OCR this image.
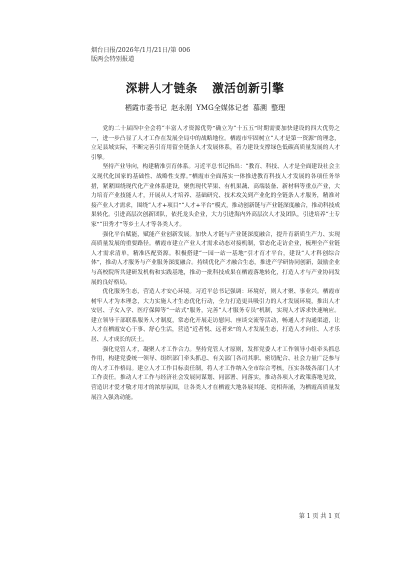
烟台日报/2026年/1月/21日/第 006
版两会特别报道
深耕人才链条 激活创新引擎
栖霞市委书记 赵永刚 YMG全媒体记者 慕溯 整理

党的二十届四中全会将“丰富人才资源优势”确立为“十五五”时期需要加快建设的四大优势之一，进一步凸显了人才工作在发展全局中的战略地位。栖霞市牢固树立“人才是第一资源”的理念，立足县域实际，不断完善引育用留全链条人才发展体系，着力建设支撑绿色低碳高质量发展的人才引擎。

坚持产业导向，构建精准引育体系。习近平总书记指出：“教育、科技、人才是全面建设社会主义现代化国家的基础性、战略性支撑。”栖霞市全面落实一体推进教育科技人才发展的各项任务举措，紧紧围绕现代化产业体系建设，聚焦现代苹果、有机果蔬、高端装备、新材料等重点产业，大力培育产业技能人才，开展从人才培养、基础研究、技术攻关到产业化的全链条人才服务，精准对接产业人才需求，围绕“人才+项目”“人才+平台”模式，推动创新链与产业链深度融合，推动科技成果转化。引进高层次创新团队，依托龙头企业，大力引进海内外高层次人才及团队，引进培养“土专家”“田秀才”等乡土人才等各类人才。

强化平台赋能，赋能产业创新发展。加快人才链与产业链深度融合，提升育新质生产力、实现高质量发展的重要路径。栖霞市建立产业人才需求动态对接机制，常态化走访企业，梳理全产业链人才需求清单，精准匹配资源。积极搭建“一园一站一基地”引才育才平台，建设“人才科创综合体”，推动人才服务与产业服务深度融合。持续优化产才融合生态，推进产学研协同创新，鼓励企业与高校院所共建研发机构和实践基地，推动一批科技成果在栖霞落地转化，打造人才与产业协同发展的良好格局。

优化服务生态，营造人才安心环境。习近平总书记强调：环境好，则人才聚、事业兴。栖霞市树牢人才为本理念，大力实施人才生态优化行动，全力打造更具吸引力的人才发展环境，推出人才安居、子女入学、医疗保障等“一站式”服务，完善“人才服务专员”机制，实现人才诉求快速响应。建立领导干部联系服务人才制度，常态化开展走访慰问、座谈交流等活动，畅通人才沟通渠道，让人才在栖霞安心干事、舒心生活，营造“近者悦、远者来”的人才发展生态，打造人才向往、人才乐居、人才成长的沃土。

强化党管人才，凝聚人才工作合力。坚持党管人才原则，发挥党委人才工作领导小组牵头抓总作用，构建党委统一领导、组织部门牵头抓总、有关部门各司其职、密切配合、社会力量广泛参与的人才工作格局。建立人才工作目标责任制，将人才工作纳入全市综合考核，压实各级各部门人才工作责任。推动人才工作与经济社会发展同谋划、同部署、同落实，推动各项人才政策落地见效，营造识才爱才敬才用才的浓厚氛围，让各类人才在栖霞大地各展其能、竞相奔涌，为栖霞高质量发展注入强劲动能。

第 1 页 共 1 页
